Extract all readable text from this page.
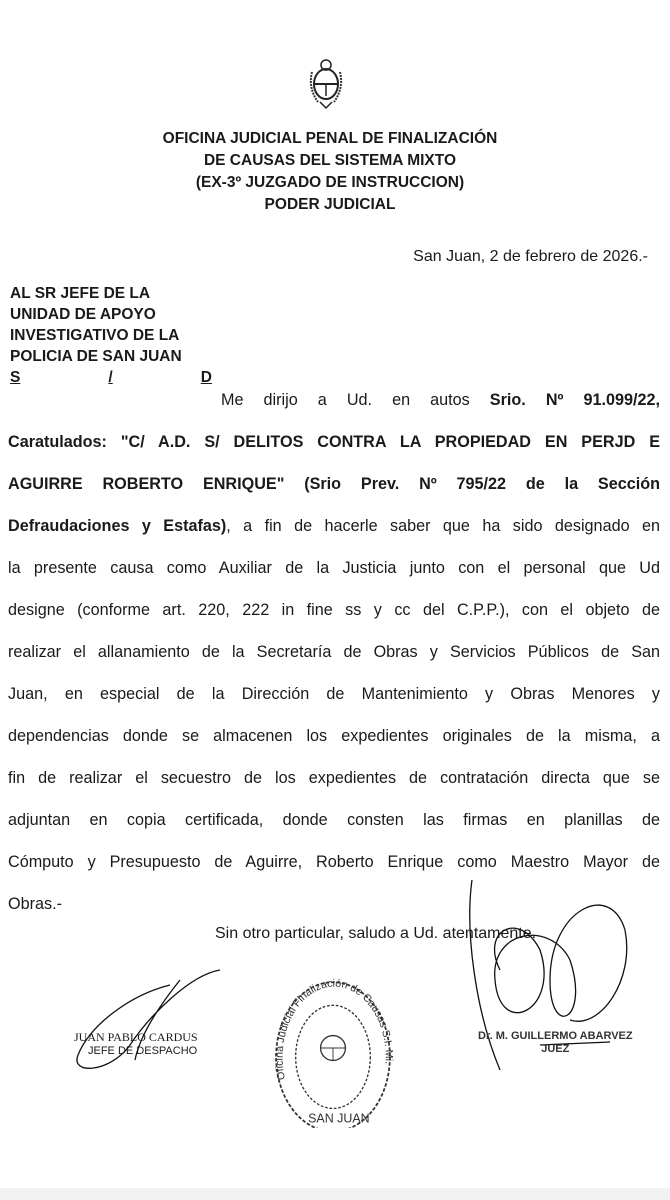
OFICINA JUDICIAL PENAL DE FINALIZACIÓN
DE CAUSAS DEL SISTEMA MIXTO
(EX-3º JUZGADO DE INSTRUCCION)
PODER JUDICIAL
San Juan, 2 de febrero de 2026.-
AL SR JEFE DE LA
UNIDAD DE APOYO
INVESTIGATIVO DE LA
POLICIA DE SAN JUAN
S	/	D
Me dirijo a Ud. en autos Srio. Nº 91.099/22,
Caratulados: "C/ A.D. S/ DELITOS CONTRA LA PROPIEDAD EN PERJD E
AGUIRRE ROBERTO ENRIQUE" (Srio Prev. Nº 795/22 de la Sección
Defraudaciones y Estafas), a fin de hacerle saber que ha sido designado en
la presente causa como Auxiliar de la Justicia junto con el personal que Ud
designe (conforme art. 220, 222 in fine ss y cc del C.P.P.), con el objeto de
realizar el allanamiento de la Secretaría de Obras y Servicios Públicos de San
Juan, en especial de la Dirección de Mantenimiento y Obras Menores y
dependencias donde se almacenen los expedientes originales de la misma, a
fin de realizar el secuestro de los expedientes de contratación directa que se
adjuntan en copia certificada, donde consten las firmas en planillas de
Cómputo y Presupuesto de Aguirre, Roberto Enrique como Maestro Mayor de
Obras.-
Sin otro particular, saludo a Ud. atentamente.
JUAN PABLO CARDUS
JEFE DE DESPACHO
Oficina Judicial Finalización de Causas S.I. Mi.
SAN JUAN
Dr. M. GUILLERMO ABARVEZ
JUEZ
